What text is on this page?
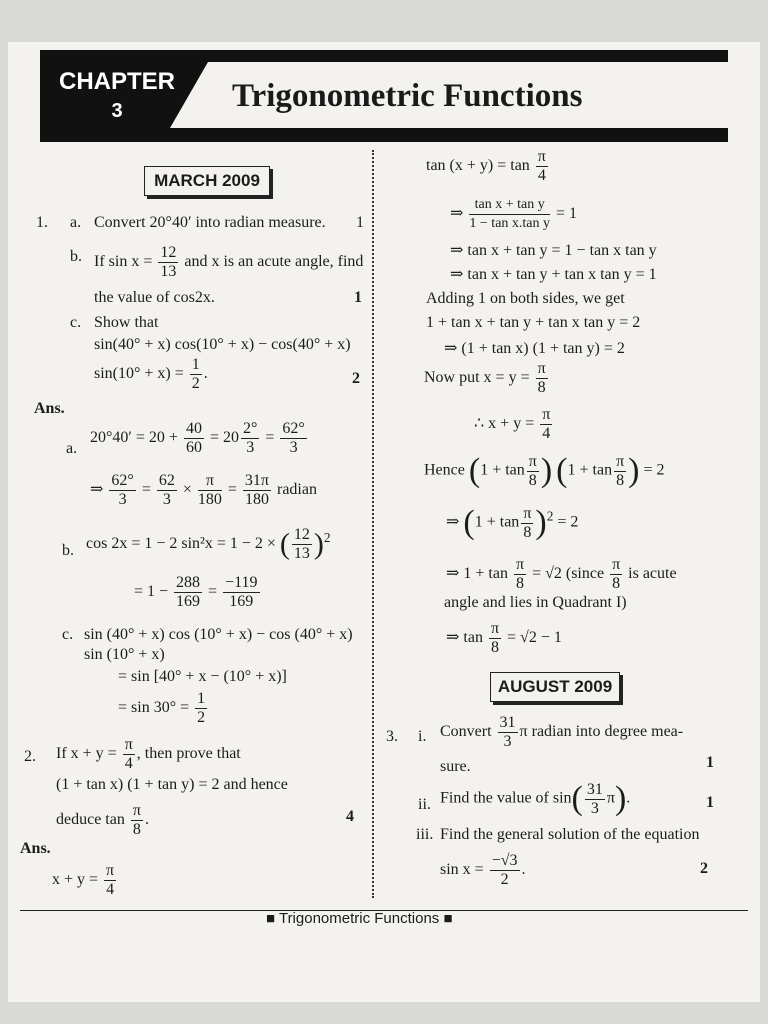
CHAPTER
3	Trigonometric Functions
MARCH 2009
1. a. Convert 20°40′ into radian measure. 1
b. If $\sin x = \frac{12}{13}$ and x is an acute angle, find
the value of cos2x.	1
c. Show that
sin(40° + x) cos(10° + x) − cos(40° + x)
$\sin(10^\circ + x) = \frac{1}{2}$ .	2
Ans.
a.
$20^\circ 40' = 20 + \frac{40}{60} = 20 \frac{2^\circ}{3} = \frac{62^\circ}{3}$
⇒ $\frac{62^\circ}{3} = \frac{62}{3} \times \frac{\pi}{180} = \frac{31\pi}{180}$ radian
b. cos 2x = 1 − 2 sin²x = 1 − 2 × ( $\frac{12}{13} )^2$
= $1 - \frac{288}{169} = \frac{-119}{169}$
c. sin (40° + x) cos (10° + x) − cos (40° + x)
sin (10° + x)
= sin [40° + x − (10° + x)]
= $\sin 30^\circ = \frac{1}{2}$
2. If $x + y = \frac{\pi}{4}$ , then prove that
(1 + tan x) (1 + tan y) = 2 and hence
deduce $\tan \frac{\pi}{8}$ .	4
Ans.
$x + y = \frac{\pi}{4}$
$\tan (x + y) = \tan \frac{\pi}{4}$
⇒ $\frac{\text{tan x + tan y}}{\text{1 − tan x.tan y}} = 1$
⇒ tan x + tan y = 1 − tan x tan y
⇒ tan x + tan y + tan x tan y = 1
Adding 1 on both sides, we get
1 + tan x + tan y + tan x tan y = 2
⇒ (1 + tan x) (1 + tan y) = 2
Now put $x = y = \frac{\pi}{8}$
∴ $x + y = \frac{\pi}{4}$
Hence ($1 + \tan \frac{\pi}{8}$ ) ($1 + \tan \frac{\pi}{8}$ ) = 2
⇒ $(1 + \tan \frac{\pi}{8} )^2 = 2$
⇒ $1 + \tan \frac{\pi}{8} = √2$ (since $\frac{\pi}{8}$ is acute
angle and lies in Quadrant I)
⇒ $\tan \frac{\pi}{8} = √2 - 1$
AUGUST 2009
3. i. Convert $\frac{31}{3}$ π radian into degree mea-
sure.	1
ii. Find the value of $\sin( \frac{31}{3} \pi)$.	1
iii. Find the general solution of the equation
$\sin x = \frac{-√3}{2}$ .	2
■ Trigonometric Functions ■
